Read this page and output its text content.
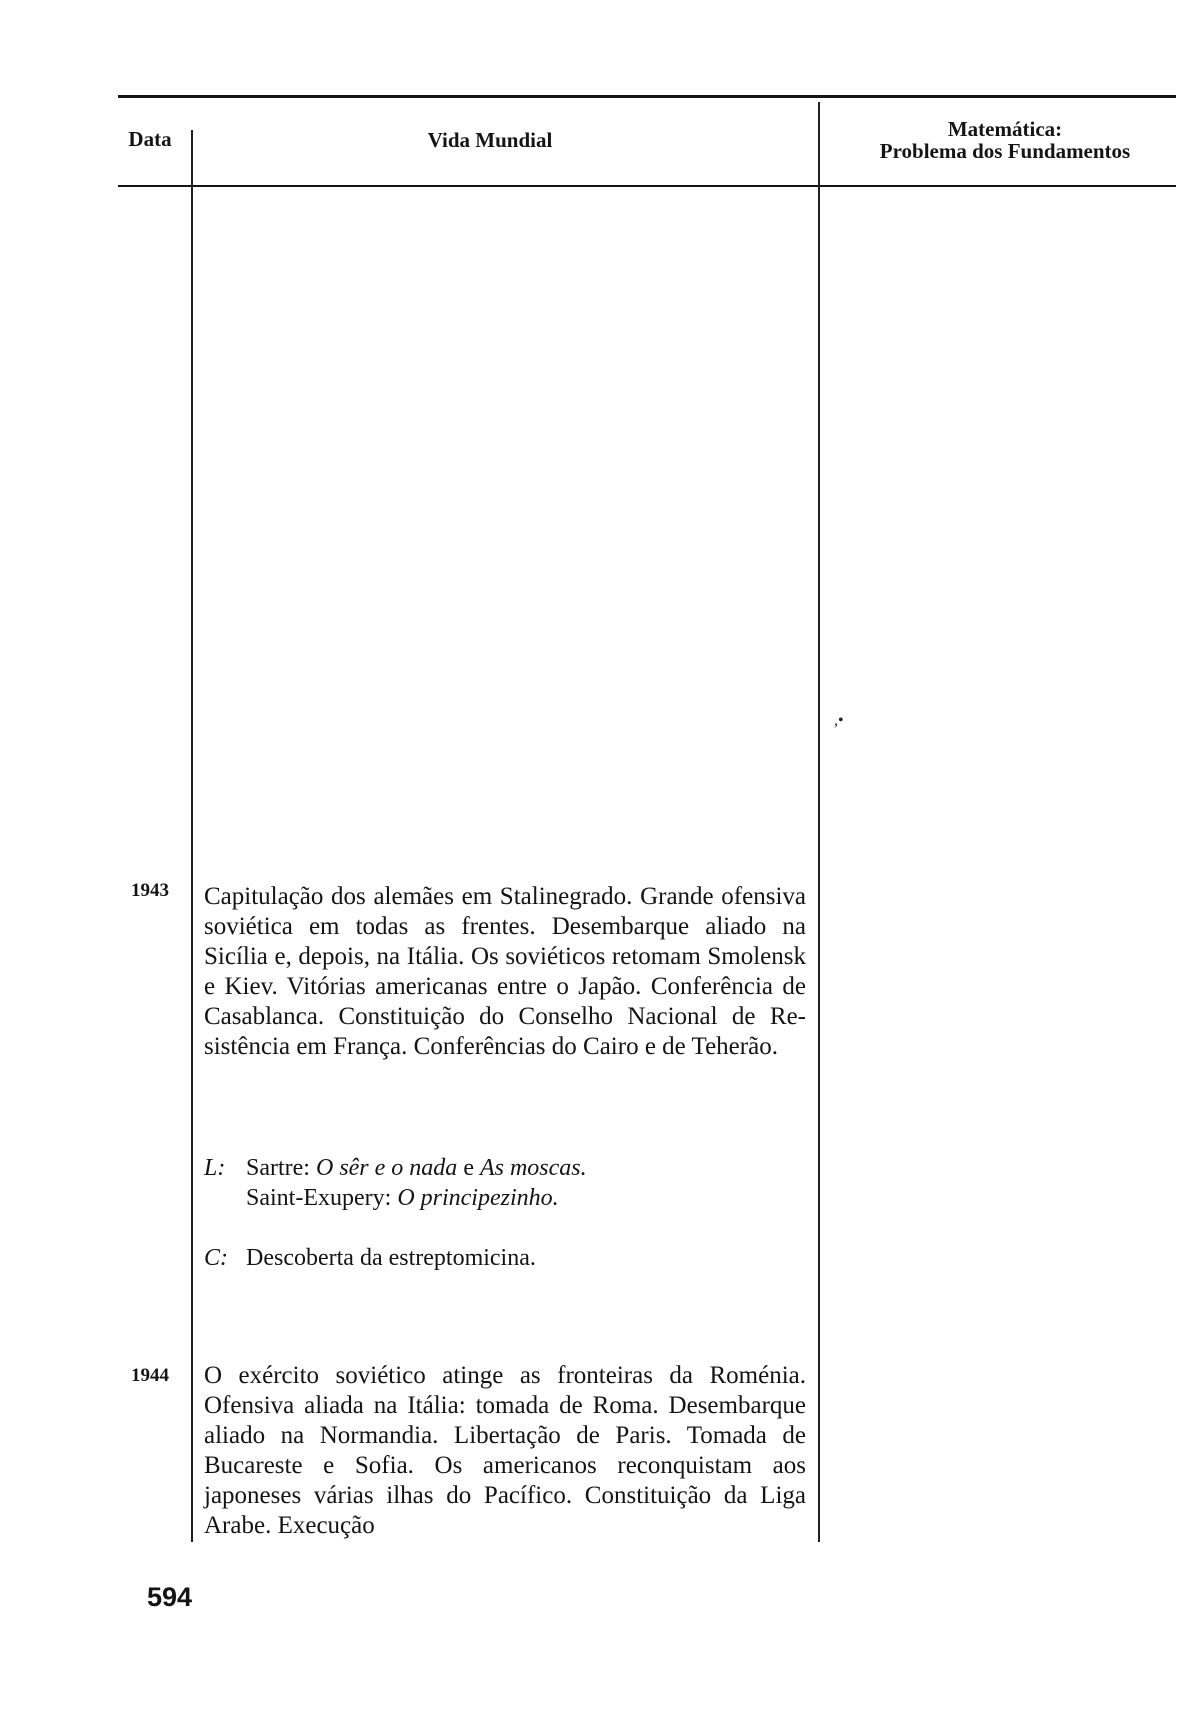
Data	Vida Mundial	Matemática:
Problema dos Fundamentos
1943	Capitulação dos alemães em Stalinegrado. Grande ofensiva soviética em todas as frentes. Desembarque aliado na Sicília e, depois, na Itália. Os soviéticos retomam Smolensk e Kiev. Vitórias americanas entre o Japão. Conferência de Casablanca. Constituição do Conselho Nacional de Resistência em França. Conferências do Cairo e de Teherão.
L: Sartre: O sêr e o nada e As moscas.
Saint-Exupery: O principezinho.
C: Descoberta da estreptomicina.
1944	O exército soviético atinge as fronteiras da Roménia. Ofensiva aliada na Itália: tomada de Roma. Desembarque aliado na Normandia. Libertação de Paris. Tomada de Bucareste e Sofia. Os americanos reconquistam aos japoneses várias ilhas do Pacífico. Constituição da Liga Arabe. Execução
594
,•
